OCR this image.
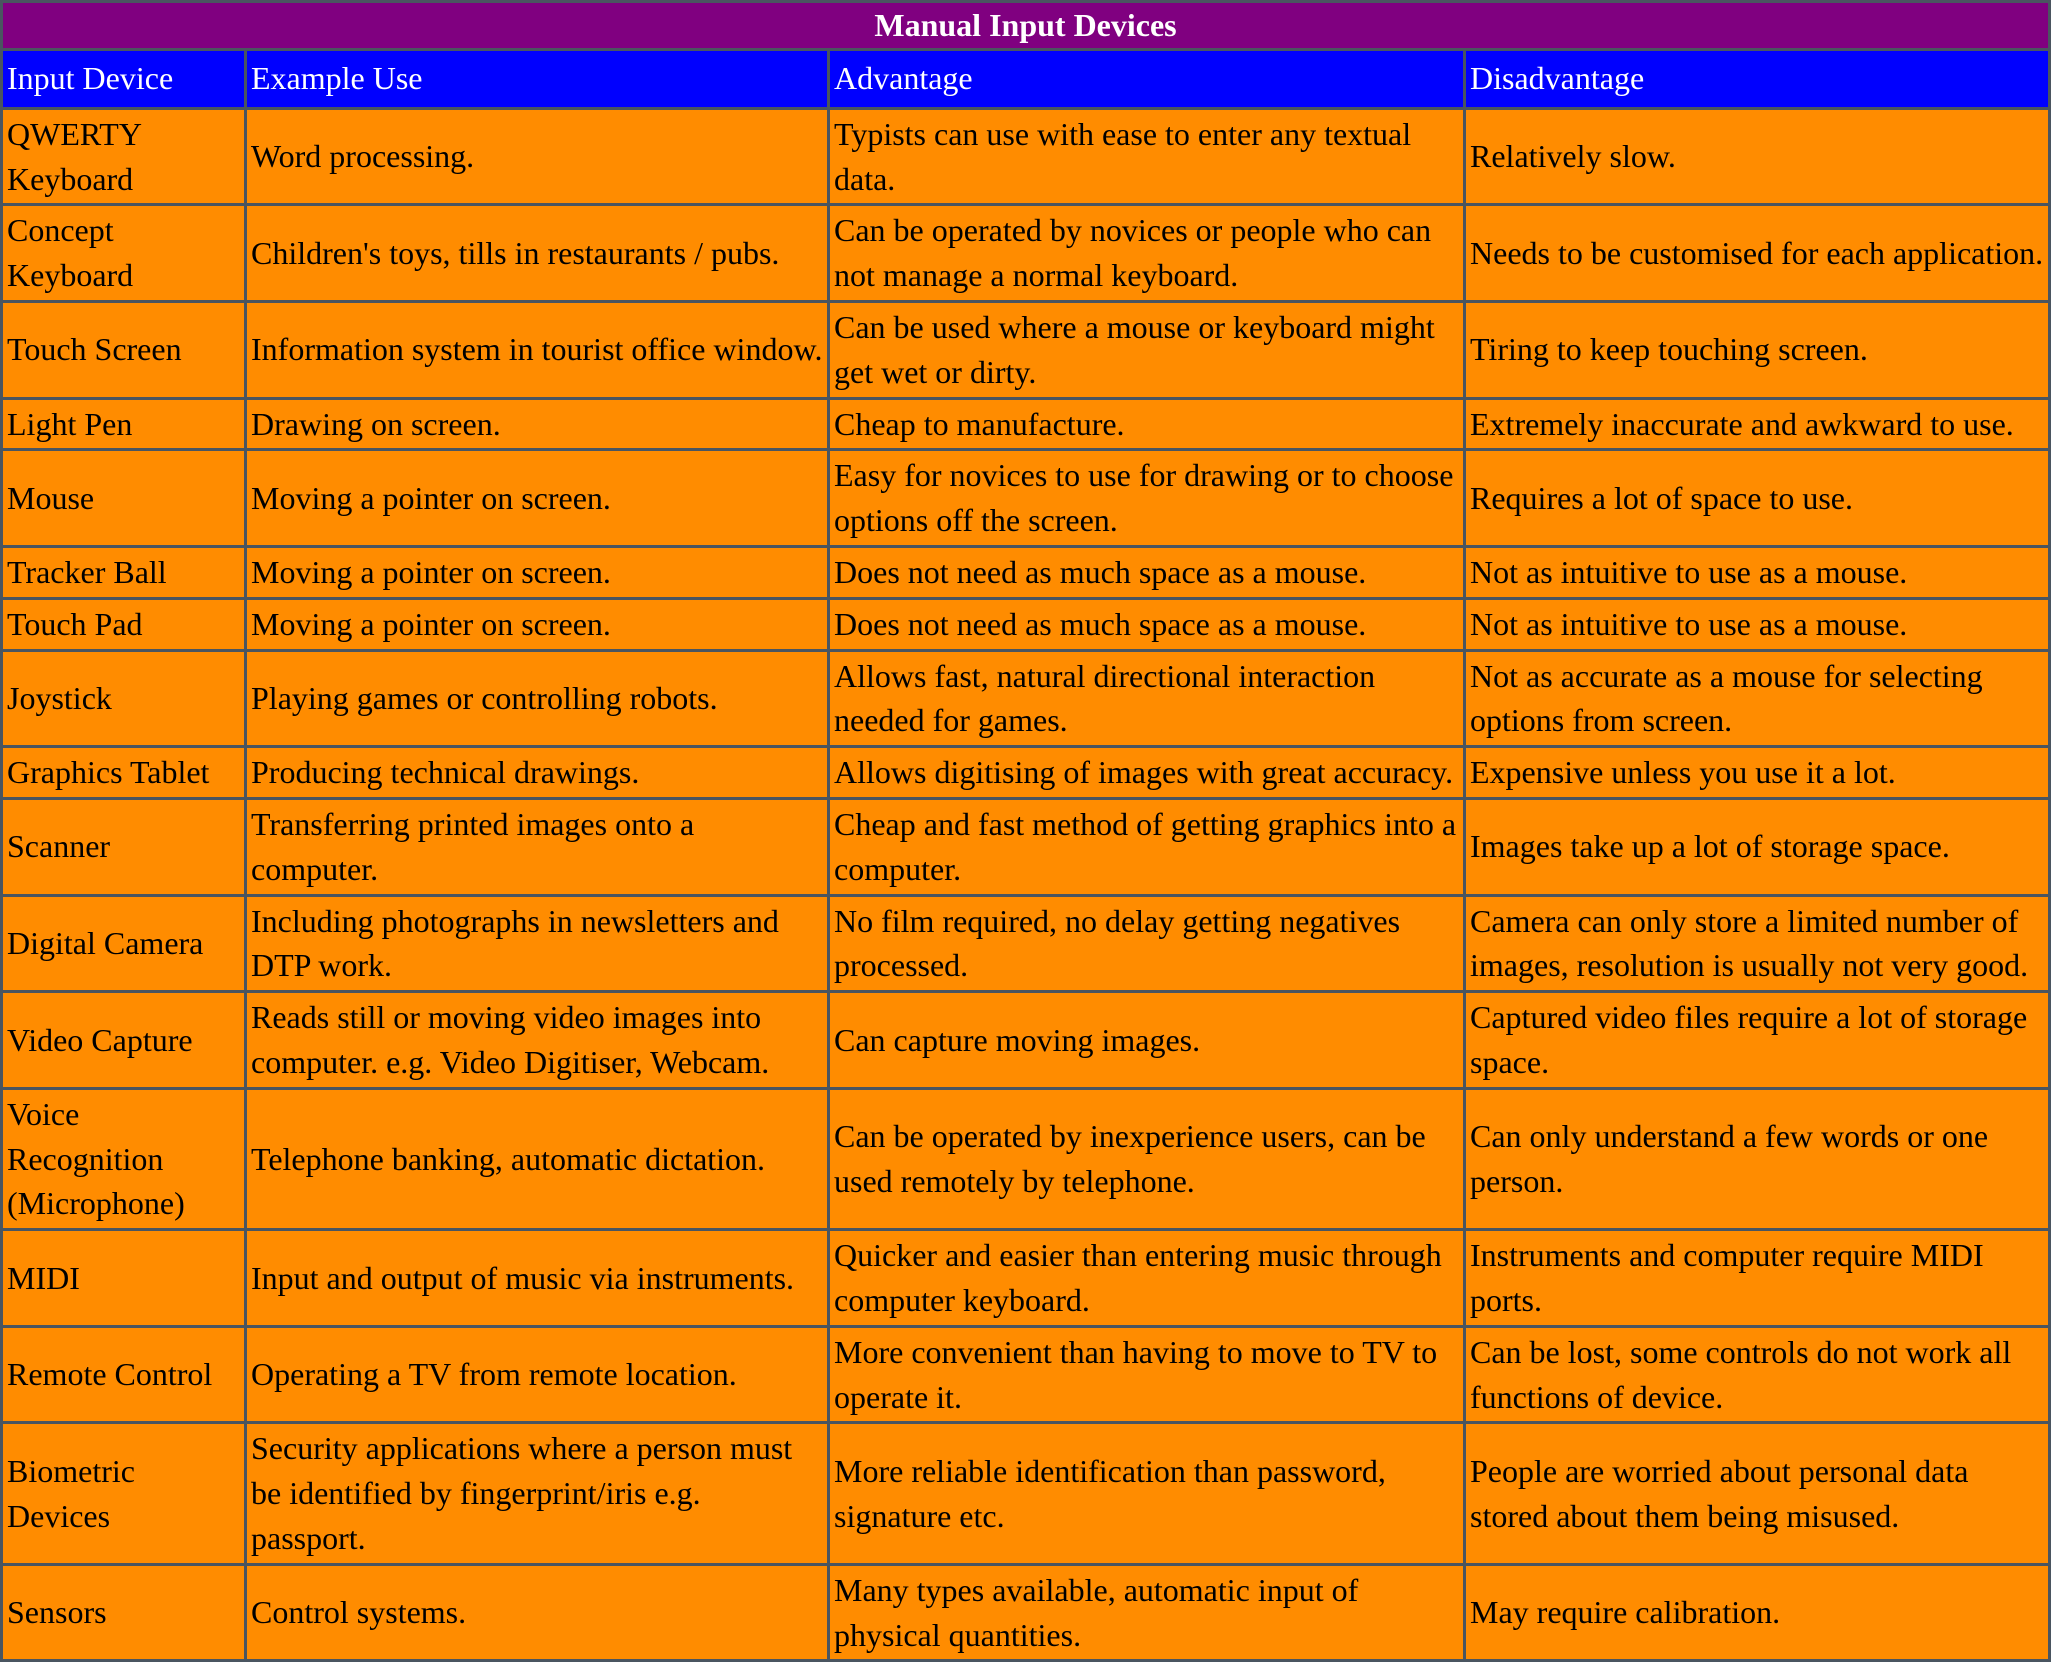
Manual Input Devices			
Input Device	Example Use	Advantage	Disadvantage
QWERTY Keyboard	Word processing.	Typists can use with ease to enter any textual data.	Relatively slow.
Concept Keyboard	Children's toys, tills in restaurants / pubs.	Can be operated by novices or people who can not manage a normal keyboard.	Needs to be customised for each application.
Touch Screen	Information system in tourist office window.	Can be used where a mouse or keyboard might get wet or dirty.	Tiring to keep touching screen.
Light Pen	Drawing on screen.	Cheap to manufacture.	Extremely inaccurate and awkward to use.
Mouse	Moving a pointer on screen.	Easy for novices to use for drawing or to choose options off the screen.	Requires a lot of space to use.
Tracker Ball	Moving a pointer on screen.	Does not need as much space as a mouse.	Not as intuitive to use as a mouse.
Touch Pad	Moving a pointer on screen.	Does not need as much space as a mouse.	Not as intuitive to use as a mouse.
Joystick	Playing games or controlling robots.	Allows fast, natural directional interaction needed for games.	Not as accurate as a mouse for selecting options from screen.
Graphics Tablet	Producing technical drawings.	Allows digitising of images with great accuracy.	Expensive unless you use it a lot.
Scanner	Transferring printed images onto a computer.	Cheap and fast method of getting graphics into a computer.	Images take up a lot of storage space.
Digital Camera	Including photographs in newsletters and DTP work.	No film required, no delay getting negatives processed.	Camera can only store a limited number of images, resolution is usually not very good.
Video Capture	Reads still or moving video images into computer. e.g. Video Digitiser, Webcam.	Can capture moving images.	Captured video files require a lot of storage space.
Voice Recognition (Microphone)	Telephone banking, automatic dictation.	Can be operated by inexperience users, can be used remotely by telephone.	Can only understand a few words or one person.
MIDI	Input and output of music via instruments.	Quicker and easier than entering music through computer keyboard.	Instruments and computer require MIDI ports.
Remote Control	Operating a TV from remote location.	More convenient than having to move to TV to operate it.	Can be lost, some controls do not work all functions of device.
Biometric Devices	Security applications where a person must be identified by fingerprint/iris e.g. passport.	More reliable identification than password, signature etc.	People are worried about personal data stored about them being misused.
Sensors	Control systems.	Many types available, automatic input of physical quantities.	May require calibration.
